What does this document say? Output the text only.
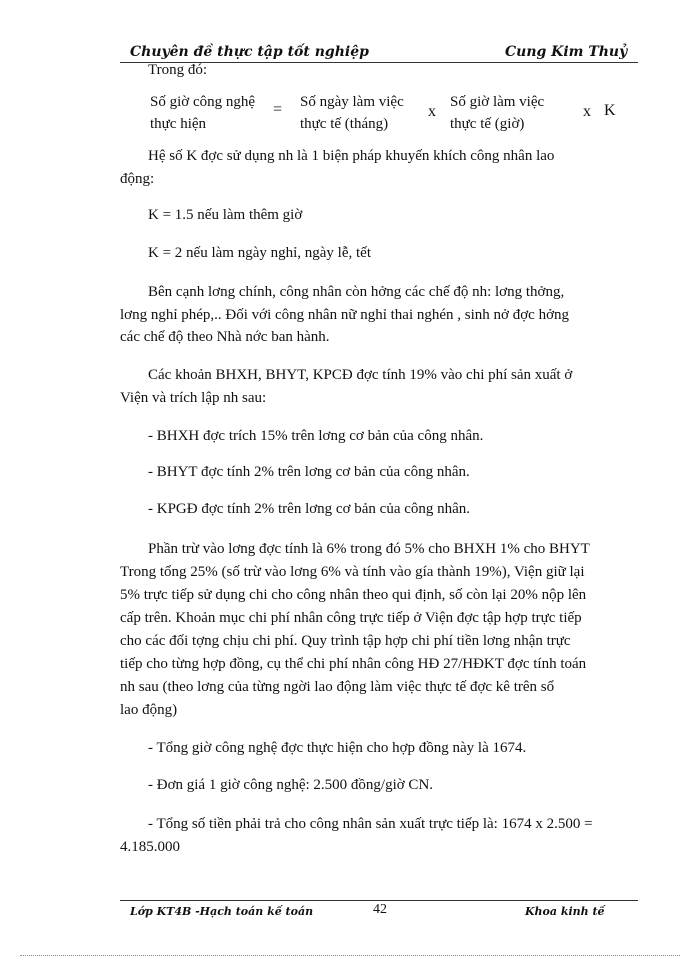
Chuyên đề thực tập tốt nghiệp	Cung Kim Thuỷ
Trong đó:
Số giờ công nghệ
thực hiện
= Số ngày làm việc
thực tế (tháng)
x
Số giờ làm việc
thực tế (giờ)
x K
Hệ số K đợc sử dụng nh là 1 biện pháp khuyến khích công nhân lao
động:
K = 1.5 nếu làm thêm giờ
K = 2 nếu làm ngày nghỉ, ngày lễ, tết
Bên cạnh lơng chính, công nhân còn hởng các chế độ nh: lơng thởng,
lơng nghỉ phép,.. Đối với công nhân nữ nghỉ thai nghén , sinh nở đợc hởng
các chế độ theo Nhà nớc ban hành.
Các khoản BHXH, BHYT, KPCĐ đợc tính 19% vào chi phí sản xuất ở
Viện và trích lập nh sau:
- BHXH đợc trích 15% trên lơng cơ bản của công nhân.
- BHYT đợc tính 2% trên lơng cơ bản của công nhân.
- KPGĐ đợc tính 2% trên lơng cơ bản của công nhân.
Phần trừ vào lơng đợc tính là 6% trong đó 5% cho BHXH 1% cho BHYT
Trong tổng 25% (số trừ vào lơng 6% và tính vào gía thành 19%), Viện giữ lại
5% trực tiếp sử dụng chi cho công nhân theo qui định, số còn lại 20% nộp lên
cấp trên. Khoản mục chi phí nhân công trực tiếp ở Viện đợc tập hợp trực tiếp
cho các đối tợng chịu chi phí. Quy trình tập hợp chi phí tiền lơng nhận trực
tiếp cho từng hợp đồng, cụ thể chi phí nhân công HĐ 27/HĐKT đợc tính toán
nh sau (theo lơng của từng ngời lao động làm việc thực tế đợc kê trên sổ
lao động)
- Tổng giờ công nghệ đợc thực hiện cho hợp đồng này là 1674.
- Đơn giá 1 giờ công nghệ: 2.500 đồng/giờ CN.
- Tổng số tiền phải trả cho công nhân sản xuất trực tiếp là: 1674 x 2.500 =
4.185.000
Lớp KT4B -Hạch toán kế toán	42	Khoa kinh tế
